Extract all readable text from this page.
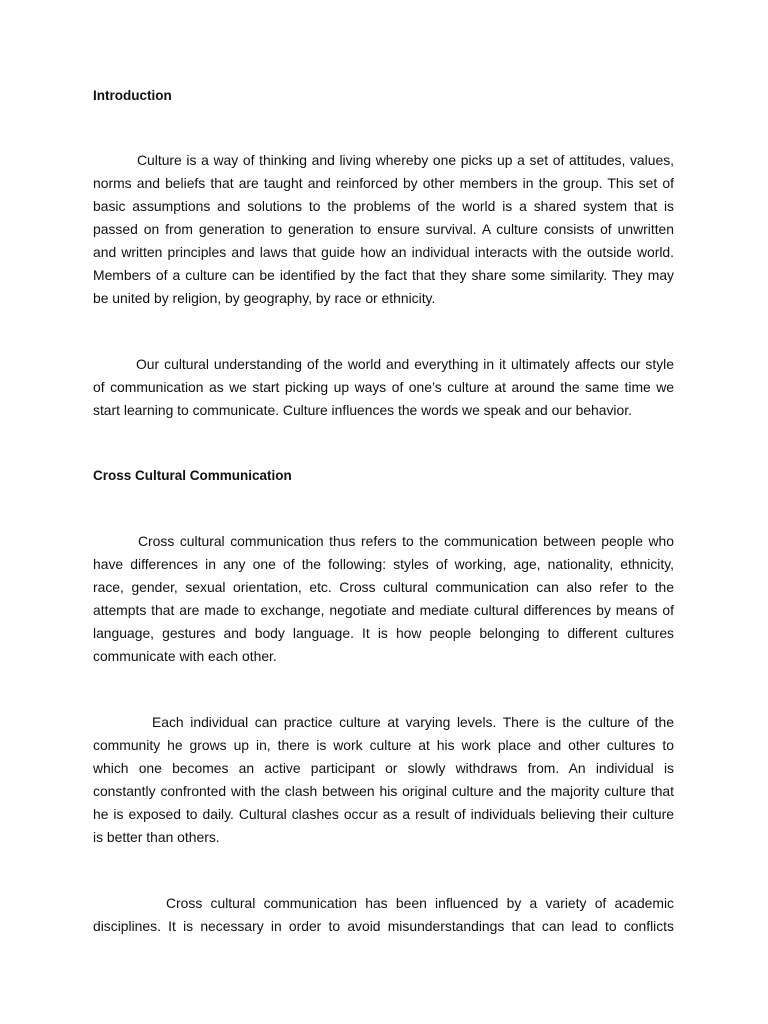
Introduction
Culture is a way of thinking and living whereby one picks up a set of attitudes, values,
norms and beliefs that are taught and reinforced by other members in the group. This set of
basic assumptions and solutions to the problems of the world is a shared system that is
passed on from generation to generation to ensure survival. A culture consists of unwritten
and written principles and laws that guide how an individual interacts with the outside world.
Members of a culture can be identified by the fact that they share some similarity. They may
be united by religion, by geography, by race or ethnicity.
Our cultural understanding of the world and everything in it ultimately affects our style
of communication as we start picking up ways of one’s culture at around the same time we
start learning to communicate. Culture influences the words we speak and our behavior.
Cross Cultural Communication
Cross cultural communication thus refers to the communication between people who
have differences in any one of the following: styles of working, age, nationality, ethnicity,
race, gender, sexual orientation, etc. Cross cultural communication can also refer to the
attempts that are made to exchange, negotiate and mediate cultural differences by means of
language, gestures and body language. It is how people belonging to different cultures
communicate with each other.
Each individual can practice culture at varying levels. There is the culture of the
community he grows up in, there is work culture at his work place and other cultures to
which one becomes an active participant or slowly withdraws from. An individual is
constantly confronted with the clash between his original culture and the majority culture that
he is exposed to daily. Cultural clashes occur as a result of individuals believing their culture
is better than others.
Cross cultural communication has been influenced by a variety of academic
disciplines. It is necessary in order to avoid misunderstandings that can lead to conflicts
